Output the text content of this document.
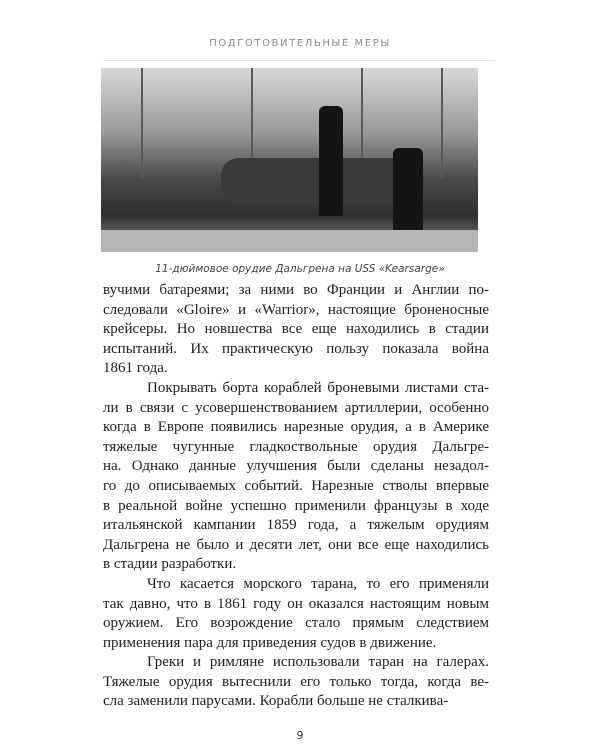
ПОДГОТОВИТЕЛЬНЫЕ МЕРЫ
11-дюймовое орудие Дальгрена на USS «Kearsarge»
вучими батареями; за ними во Франции и Англии по-
следовали «Gloire» и «Warrior», настоящие броненосные
крейсеры. Но новшества все еще находились в стадии
испытаний. Их практическую пользу показала война
1861 года.
Покрывать борта кораблей броневыми листами ста-
ли в связи с усовершенствованием артиллерии, особенно
когда в Европе появились нарезные орудия, а в Америке
тяжелые чугунные гладкоствольные орудия Дальгре-
на. Однако данные улучшения были сделаны незадол-
го до описываемых событий. Нарезные стволы впервые
в реальной войне успешно применили французы в ходе
итальянской кампании 1859 года, а тяжелым орудиям
Дальгрена не было и десяти лет, они все еще находились
в стадии разработки.
Что касается морского тарана, то его применяли
так давно, что в 1861 году он оказался настоящим новым
оружием. Его возрождение стало прямым следствием
применения пара для приведения судов в движение.
Греки и римляне использовали таран на галерах.
Тяжелые орудия вытеснили его только тогда, когда ве-
сла заменили парусами. Корабли больше не сталкива-
9
